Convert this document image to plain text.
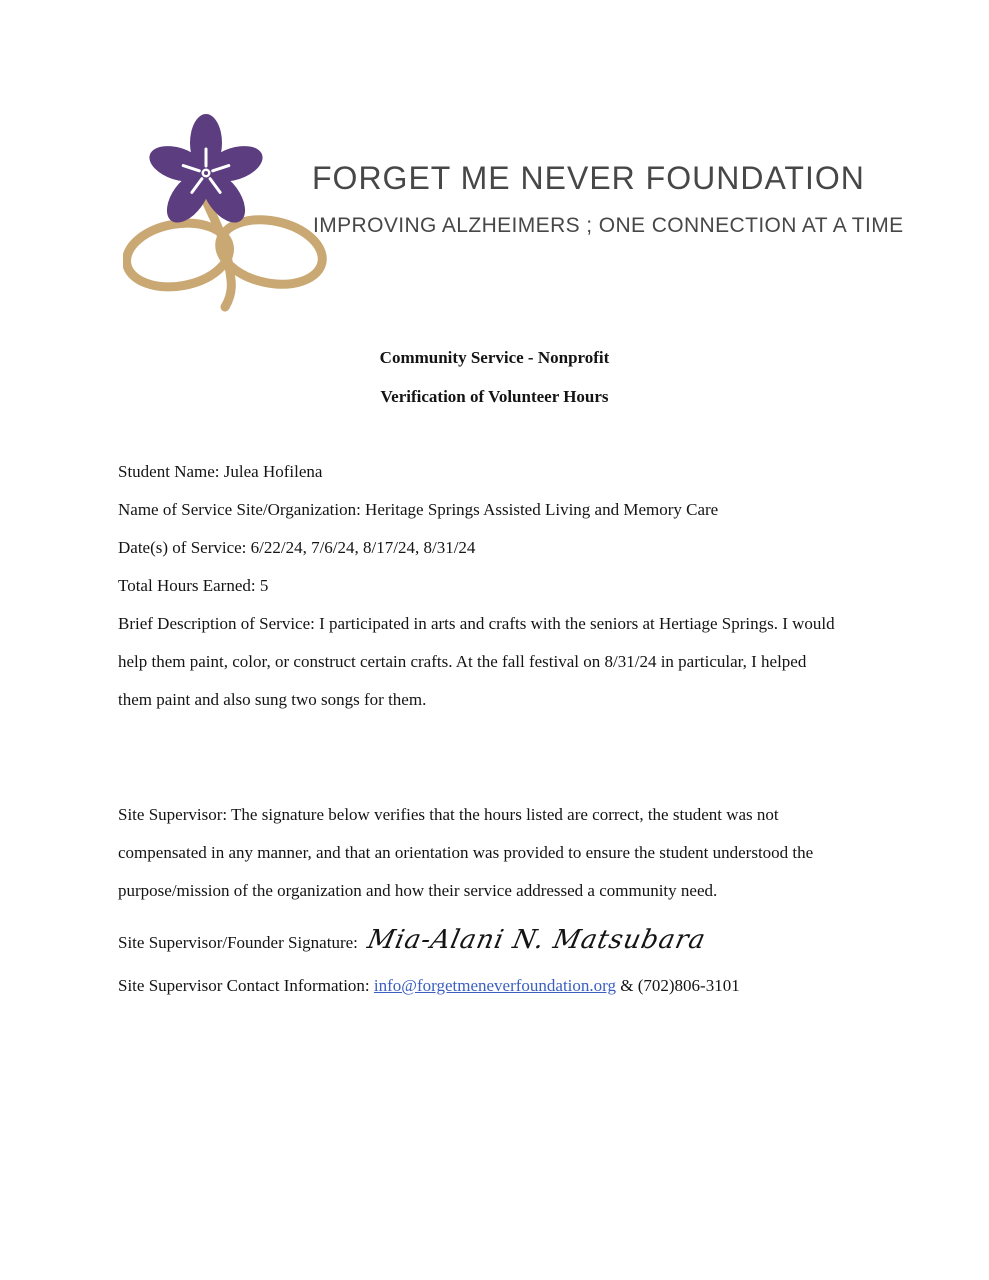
FORGET ME NEVER FOUNDATION
IMPROVING ALZHEIMERS ; ONE CONNECTION AT A TIME
Community Service - Nonprofit
Verification of Volunteer Hours
Student Name: Julea Hofilena
Name of Service Site/Organization: Heritage Springs Assisted Living and Memory Care
Date(s) of Service: 6/22/24, 7/6/24, 8/17/24, 8/31/24
Total Hours Earned: 5
Brief Description of Service: I participated in arts and crafts with the seniors at Hertiage Springs. I would
help them paint, color, or construct certain crafts. At the fall festival on 8/31/24 in particular, I helped
them paint and also sung two songs for them.
Site Supervisor: The signature below verifies that the hours listed are correct, the student was not
compensated in any manner, and that an orientation was provided to ensure the student understood the
purpose/mission of the organization and how their service addressed a community need.
Site Supervisor/Founder Signature: Mia-Alani N. Matsubara
Site Supervisor Contact Information: info@forgetmeneverfoundation.org & (702)806-3101
